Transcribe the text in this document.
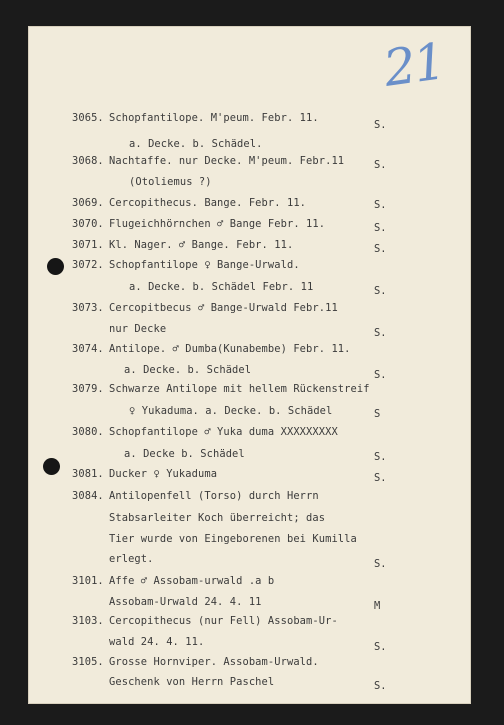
21
3065. Schopfantilope. M'peum. Febr. 11.
a. Decke. b. Schädel.
S.
3068. Nachtaffe. nur Decke. M'peum. Febr.11
(Otoliemus ?)
S.
3069. Cercopithecus. Bange. Febr. 11.	S.
3070. Flugeichhörnchen ♂ Bange Febr. 11.	S.
3071. Kl. Nager. ♂ Bange. Febr. 11.	S.
3072. Schopfantilope ♀ Bange-Urwald.
a. Decke. b. Schädel Febr. 11	S.
3073. Cercopitbecus ♂ Bange-Urwald Febr.11
nur Decke	S.
3074. Antilope. ♂ Dumba(Kunabembe) Febr. 11.
a. Decke. b. Schädel	S.
3079. Schwarze Antilope mit hellem Rückenstreif
♀ Yukaduma. a. Decke. b. Schädel	S
3080. Schopfantilope ♂ Yuka duma XXXXXXXXX
a. Decke b. Schädel	S.
3081. Ducker ♀ Yukaduma	S.
3084. Antilopenfell (Torso) durch Herrn
Stabsarleiter Koch überreicht; das
Tier wurde von Eingeborenen bei Kumilla
erlegt.	S.
3101. Affe ♂ Assobam-urwald .a b
Assobam-Urwald 24. 4. 11	M
3103. Cercopithecus (nur Fell) Assobam-Ur-
wald 24. 4. 11.	S.
3105. Grosse Hornviper. Assobam-Urwald.
Geschenk von Herrn Paschel	S.
